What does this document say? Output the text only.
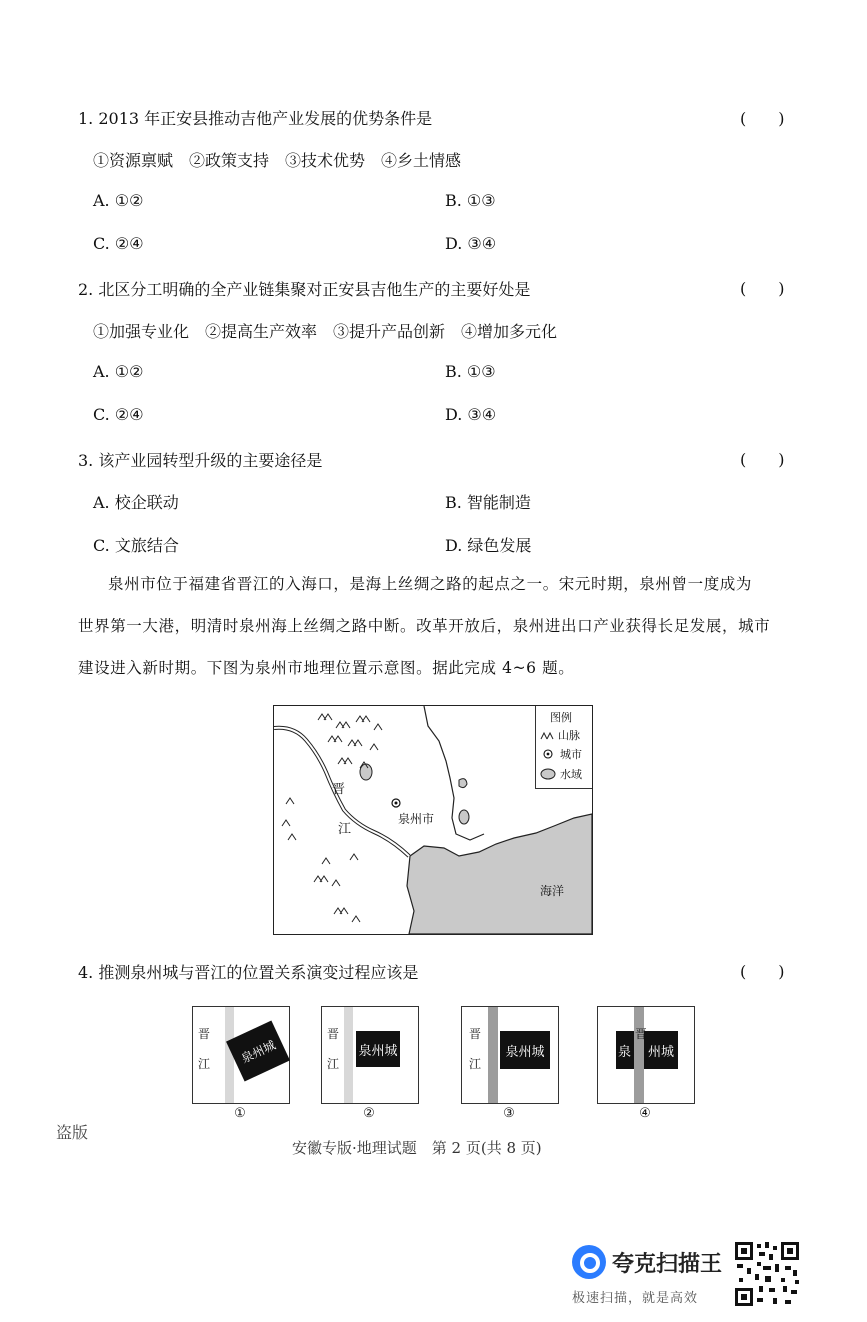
1. 2013 年正安县推动吉他产业发展的优势条件是	(　　)
①资源禀赋　②政策支持　③技术优势　④乡土情感
A. ①②	B. ①③
C. ②④	D. ③④
2. 北区分工明确的全产业链集聚对正安县吉他生产的主要好处是	(　　)
①加强专业化　②提高生产效率　③提升产品创新　④增加多元化
A. ①②	B. ①③
C. ②④	D. ③④
3. 该产业园转型升级的主要途径是	(　　)
A. 校企联动	B. 智能制造
C. 文旅结合	D. 绿色发展
泉州市位于福建省晋江的入海口，是海上丝绸之路的起点之一。宋元时期，泉州曾一度成为
世界第一大港，明清时泉州海上丝绸之路中断。改革开放后，泉州进出口产业获得长足发展，城市
建设进入新时期。下图为泉州市地理位置示意图。据此完成 4~6 题。
晋
江
泉州市
海洋
图例
山脉
城市
水域
4. 推测泉州城与晋江的位置关系演变过程应该是	(　　)
晋
江	泉州城
①
晋
江
泉州城
②
晋
江
泉州城
③
泉 州城
晋
④
盗版
安徽专版·地理试题　第 2 页(共 8 页)
夸克扫描王
极速扫描，就是高效
